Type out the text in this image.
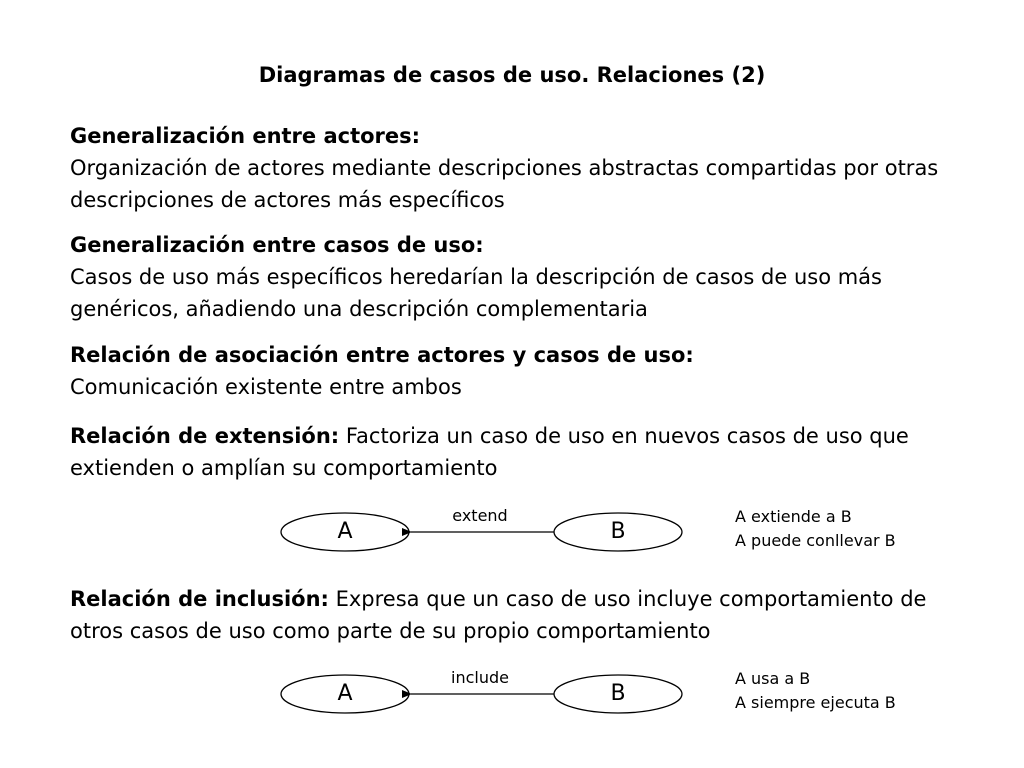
Diagramas de casos de uso. Relaciones (2)

Generalización entre actores:

Organización de actores mediante descripciones abstractas compartidas por otras descripciones de actores más específicos

Generalización entre casos de uso:

Casos de uso más específicos heredarían la descripción de casos de uso más genéricos, añadiendo una descripción complementaria

Relación de asociación entre actores y casos de uso:

Comunicación existente entre ambos

Relación de extensión: Factoriza un caso de uso en nuevos casos de uso que extienden o amplían su comportamiento

A	B
extend	A extiende a B
A puede conllevar B

Relación de inclusión: Expresa que un caso de uso incluye comportamiento de otros casos de uso como parte de su propio comportamiento

A	B
include	A usa a B
A siempre ejecuta B
